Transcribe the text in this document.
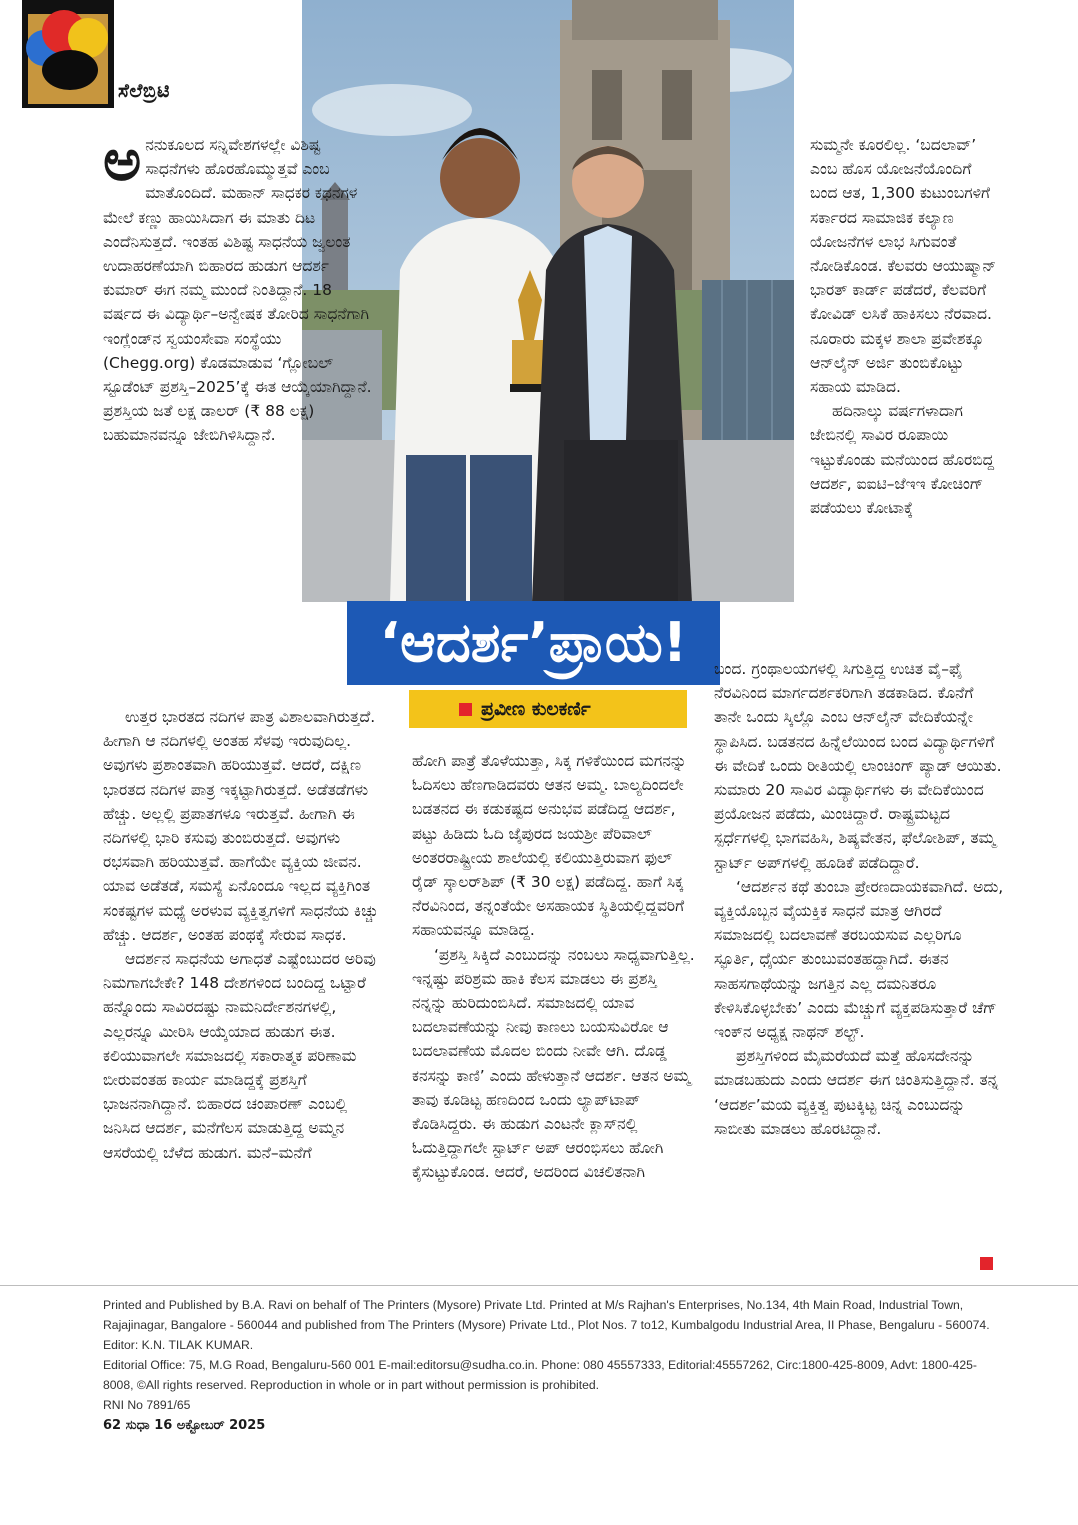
ಸೆಲೆಬ್ರಿಟಿ
‘ಆದರ್ಶ’ಪ್ರಾಯ!
ಪ್ರವೀಣ ಕುಲಕರ್ಣಿ

ಅನನುಕೂಲದ ಸನ್ನಿವೇಶಗಳಲ್ಲೇ ವಿಶಿಷ್ಟ ಸಾಧನೆಗಳು ಹೊರಹೊಮ್ಮುತ್ತವೆ ಎಂಬ ಮಾತೊಂದಿದೆ. ಮಹಾನ್ ಸಾಧಕರ ಕಥನಗಳ ಮೇಲೆ ಕಣ್ಣು ಹಾಯಿಸಿದಾಗ ಈ ಮಾತು ದಿಟ ಎಂದೆನಿಸುತ್ತದೆ. ಇಂತಹ ವಿಶಿಷ್ಟ ಸಾಧನೆಯ ಜ್ವಲಂತ ಉದಾಹರಣೆಯಾಗಿ ಬಿಹಾರದ ಹುಡುಗ ಆದರ್ಶ ಕುಮಾರ್ ಈಗ ನಮ್ಮ ಮುಂದೆ ನಿಂತಿದ್ದಾನೆ. 18 ವರ್ಷದ ಈ ವಿದ್ಯಾರ್ಥಿ–ಅನ್ವೇಷಕ ತೋರಿದ ಸಾಧನೆಗಾಗಿ ಇಂಗ್ಲೆಂಡ್‌ನ ಸ್ವಯಂಸೇವಾ ಸಂಸ್ಥೆಯು (Chegg.org) ಕೊಡಮಾಡುವ ‘ಗ್ಲೋಬಲ್ ಸ್ಟೂಡೆಂಟ್ ಪ್ರಶಸ್ತಿ–2025’ಕ್ಕೆ ಈತ ಆಯ್ಕೆಯಾಗಿದ್ದಾನೆ. ಪ್ರಶಸ್ತಿಯ ಜತೆ ಲಕ್ಷ ಡಾಲರ್ (₹ 88 ಲಕ್ಷ) ಬಹುಮಾನವನ್ನೂ ಜೇಬಿಗಿಳಿಸಿದ್ದಾನೆ.

ಉತ್ತರ ಭಾರತದ ನದಿಗಳ ಪಾತ್ರ ವಿಶಾಲವಾಗಿರುತ್ತದೆ. ಹೀಗಾಗಿ ಆ ನದಿಗಳಲ್ಲಿ ಅಂತಹ ಸೆಳವು ಇರುವುದಿಲ್ಲ. ಅವುಗಳು ಪ್ರಶಾಂತವಾಗಿ ಹರಿಯುತ್ತವೆ. ಆದರೆ, ದಕ್ಷಿಣ ಭಾರತದ ನದಿಗಳ ಪಾತ್ರ ಇಕ್ಕಟ್ಟಾಗಿರುತ್ತದೆ. ಅಡೆತಡೆಗಳು ಹೆಚ್ಚು. ಅಲ್ಲಲ್ಲಿ ಪ್ರಪಾತಗಳೂ ಇರುತ್ತವೆ. ಹೀಗಾಗಿ ಈ ನದಿಗಳಲ್ಲಿ ಭಾರಿ ಕಸುವು ತುಂಬಿರುತ್ತದೆ. ಅವುಗಳು ರಭಸವಾಗಿ ಹರಿಯುತ್ತವೆ. ಹಾಗೆಯೇ ವ್ಯಕ್ತಿಯ ಜೀವನ. ಯಾವ ಅಡೆತಡೆ, ಸಮಸ್ಯೆ ಏನೊಂದೂ ಇಲ್ಲದ ವ್ಯಕ್ತಿಗಿಂತ ಸಂಕಷ್ಟಗಳ ಮಧ್ಯೆ ಅರಳುವ ವ್ಯಕ್ತಿತ್ವಗಳಿಗೆ ಸಾಧನೆಯ ಕಿಚ್ಚು ಹೆಚ್ಚು. ಆದರ್ಶ, ಅಂತಹ ಪಂಥಕ್ಕೆ ಸೇರುವ ಸಾಧಕ.

ಆದರ್ಶನ ಸಾಧನೆಯ ಅಗಾಧತೆ ಎಷ್ಟೆಂಬುದರ ಅರಿವು ನಿಮಗಾಗಬೇಕೇ? 148 ದೇಶಗಳಿಂದ ಬಂದಿದ್ದ ಒಟ್ಟಾರೆ ಹನ್ನೊಂದು ಸಾವಿರದಷ್ಟು ನಾಮನಿರ್ದೇಶನಗಳಲ್ಲಿ, ಎಲ್ಲರನ್ನೂ ಮೀರಿಸಿ ಆಯ್ಕೆಯಾದ ಹುಡುಗ ಈತ. ಕಲಿಯುವಾಗಲೇ ಸಮಾಜದಲ್ಲಿ ಸಕಾರಾತ್ಮಕ ಪರಿಣಾಮ ಬೀರುವಂತಹ ಕಾರ್ಯ ಮಾಡಿದ್ದಕ್ಕೆ ಪ್ರಶಸ್ತಿಗೆ ಭಾಜನನಾಗಿದ್ದಾನೆ. ಬಿಹಾರದ ಚಂಪಾರಣ್ ಎಂಬಲ್ಲಿ ಜನಿಸಿದ ಆದರ್ಶ, ಮನೆಗೆಲಸ ಮಾಡುತ್ತಿದ್ದ ಅಮ್ಮನ ಆಸರೆಯಲ್ಲಿ ಬೆಳೆದ ಹುಡುಗ. ಮನೆ–ಮನೆಗೆ

ಹೋಗಿ ಪಾತ್ರೆ ತೊಳೆಯುತ್ತಾ, ಸಿಕ್ಕ ಗಳಿಕೆಯಿಂದ ಮಗನನ್ನು ಓದಿಸಲು ಹೆಣಗಾಡಿದವರು ಆತನ ಅಮ್ಮ. ಬಾಲ್ಯದಿಂದಲೇ ಬಡತನದ ಈ ಕಡುಕಷ್ಟದ ಅನುಭವ ಪಡೆದಿದ್ದ ಆದರ್ಶ, ಪಟ್ಟು ಹಿಡಿದು ಓದಿ ಜೈಪುರದ ಜಯಶ್ರೀ ಪೆರಿವಾಲ್ ಅಂತರರಾಷ್ಟ್ರೀಯ ಶಾಲೆಯಲ್ಲಿ ಕಲಿಯುತ್ತಿರುವಾಗ ಫುಲ್ ರೈಡ್ ಸ್ಕಾಲರ್‌ಶಿಪ್ (₹ 30 ಲಕ್ಷ) ಪಡೆದಿದ್ದ. ಹಾಗೆ ಸಿಕ್ಕ ನೆರವಿನಿಂದ, ತನ್ನಂತೆಯೇ ಅಸಹಾಯಕ ಸ್ಥಿತಿಯಲ್ಲಿದ್ದವರಿಗೆ ಸಹಾಯವನ್ನೂ ಮಾಡಿದ್ದ.

‘ಪ್ರಶಸ್ತಿ ಸಿಕ್ಕಿದೆ ಎಂಬುದನ್ನು ನಂಬಲು ಸಾಧ್ಯವಾಗುತ್ತಿಲ್ಲ. ಇನ್ನಷ್ಟು ಪರಿಶ್ರಮ ಹಾಕಿ ಕೆಲಸ ಮಾಡಲು ಈ ಪ್ರಶಸ್ತಿ ನನ್ನನ್ನು ಹುರಿದುಂಬಿಸಿದೆ. ಸಮಾಜದಲ್ಲಿ ಯಾವ ಬದಲಾವಣೆಯನ್ನು ನೀವು ಕಾಣಲು ಬಯಸುವಿರೋ ಆ ಬದಲಾವಣೆಯ ಮೊದಲ ಬಿಂದು ನೀವೇ ಆಗಿ. ದೊಡ್ಡ ಕನಸನ್ನು ಕಾಣಿ’ ಎಂದು ಹೇಳುತ್ತಾನೆ ಆದರ್ಶ. ಆತನ ಅಮ್ಮ ತಾವು ಕೂಡಿಟ್ಟ ಹಣದಿಂದ ಒಂದು ಲ್ಯಾಪ್‌ಟಾಪ್ ಕೊಡಿಸಿದ್ದರು. ಈ ಹುಡುಗ ಎಂಟನೇ ಕ್ಲಾಸ್‌ನಲ್ಲಿ ಓದುತ್ತಿದ್ದಾಗಲೇ ಸ್ಟಾರ್ಟ್ ಅಪ್ ಆರಂಭಿಸಲು ಹೋಗಿ ಕೈಸುಟ್ಟುಕೊಂಡ. ಆದರೆ, ಅದರಿಂದ ವಿಚಲಿತನಾಗಿ

ಸುಮ್ಮನೇ ಕೂರಲಿಲ್ಲ. ‘ಬದಲಾವ್’ ಎಂಬ ಹೊಸ ಯೋಜನೆಯೊಂದಿಗೆ ಬಂದ ಆತ, 1,300 ಕುಟುಂಬಗಳಿಗೆ ಸರ್ಕಾರದ ಸಾಮಾಜಿಕ ಕಲ್ಯಾಣ ಯೋಜನೆಗಳ ಲಾಭ ಸಿಗುವಂತೆ ನೋಡಿಕೊಂಡ. ಕೆಲವರು ಆಯುಷ್ಮಾನ್ ಭಾರತ್ ಕಾರ್ಡ್ ಪಡೆದರೆ, ಕೆಲವರಿಗೆ ಕೋವಿಡ್ ಲಸಿಕೆ ಹಾಕಿಸಲು ನೆರವಾದ. ನೂರಾರು ಮಕ್ಕಳ ಶಾಲಾ ಪ್ರವೇಶಕ್ಕೂ ಆನ್‌ಲೈನ್ ಅರ್ಜಿ ತುಂಬಿಕೊಟ್ಟು ಸಹಾಯ ಮಾಡಿದ.

ಹದಿನಾಲ್ಕು ವರ್ಷಗಳಾದಾಗ ಜೇಬಿನಲ್ಲಿ ಸಾವಿರ ರೂಪಾಯಿ ಇಟ್ಟುಕೊಂಡು ಮನೆಯಿಂದ ಹೊರಬಿದ್ದ ಆದರ್ಶ, ಐಐಟಿ–ಜೆಇಇ ಕೋಚಿಂಗ್ ಪಡೆಯಲು ಕೋಟಾಕ್ಕೆ

ಬಂದ. ಗ್ರಂಥಾಲಯಗಳಲ್ಲಿ ಸಿಗುತ್ತಿದ್ದ ಉಚಿತ ವೈ–ಫೈ ನೆರವಿನಿಂದ ಮಾರ್ಗದರ್ಶಕರಿಗಾಗಿ ತಡಕಾಡಿದ. ಕೊನೆಗೆ ತಾನೇ ಒಂದು ಸ್ಕಿಲ್ಲೊ ಎಂಬ ಆನ್‌ಲೈನ್ ವೇದಿಕೆಯನ್ನೇ ಸ್ಥಾಪಿಸಿದ. ಬಡತನದ ಹಿನ್ನೆಲೆಯಿಂದ ಬಂದ ವಿದ್ಯಾರ್ಥಿಗಳಿಗೆ ಈ ವೇದಿಕೆ ಒಂದು ರೀತಿಯಲ್ಲಿ ಲಾಂಚಿಂಗ್ ಪ್ಯಾಡ್ ಆಯಿತು. ಸುಮಾರು 20 ಸಾವಿರ ವಿದ್ಯಾರ್ಥಿಗಳು ಈ ವೇದಿಕೆಯಿಂದ ಪ್ರಯೋಜನ ಪಡೆದು, ಮಿಂಚಿದ್ದಾರೆ. ರಾಷ್ಟ್ರಮಟ್ಟದ ಸ್ಪರ್ಧೆಗಳಲ್ಲಿ ಭಾಗವಹಿಸಿ, ಶಿಷ್ಯವೇತನ, ಫೆಲೋಶಿಪ್, ತಮ್ಮ ಸ್ಟಾರ್ಟ್ ಅಪ್‌ಗಳಲ್ಲಿ ಹೂಡಿಕೆ ಪಡೆದಿದ್ದಾರೆ.

‘ಆದರ್ಶನ ಕಥೆ ತುಂಬಾ ಪ್ರೇರಣದಾಯಕವಾಗಿದೆ. ಅದು, ವ್ಯಕ್ತಿಯೊಬ್ಬನ ವೈಯಕ್ತಿಕ ಸಾಧನೆ ಮಾತ್ರ ಆಗಿರದೆ ಸಮಾಜದಲ್ಲಿ ಬದಲಾವಣೆ ತರಬಯಸುವ ಎಲ್ಲರಿಗೂ ಸ್ಫೂರ್ತಿ, ಧೈರ್ಯ ತುಂಬುವಂತಹದ್ದಾಗಿದೆ. ಈತನ ಸಾಹಸಗಾಥೆಯನ್ನು ಜಗತ್ತಿನ ಎಲ್ಲ ದಮನಿತರೂ ಕೇಳಿಸಿಕೊಳ್ಳಬೇಕು’ ಎಂದು ಮೆಚ್ಚುಗೆ ವ್ಯಕ್ತಪಡಿಸುತ್ತಾರೆ ಚೆಗ್ ಇಂಕ್‌ನ ಅಧ್ಯಕ್ಷ ನಾಥನ್ ಶಲ್ಟ್.

ಪ್ರಶಸ್ತಿಗಳಿಂದ ಮೈಮರೆಯದೆ ಮತ್ತೆ ಹೊಸದೇನನ್ನು ಮಾಡಬಹುದು ಎಂದು ಆದರ್ಶ ಈಗ ಚಿಂತಿಸುತ್ತಿದ್ದಾನೆ. ತನ್ನ ‘ಆದರ್ಶ’ಮಯ ವ್ಯಕ್ತಿತ್ವ ಪುಟಕ್ಕಿಟ್ಟ ಚಿನ್ನ ಎಂಬುದನ್ನು ಸಾಬೀತು ಮಾಡಲು ಹೊರಟಿದ್ದಾನೆ.

Printed and Published by B.A. Ravi on behalf of The Printers (Mysore) Private Ltd. Printed at M/s Rajhan's Enterprises, No.134, 4th Main Road, Industrial Town, Rajajinagar, Bangalore - 560044 and published from The Printers (Mysore) Private Ltd., Plot Nos. 7 to12, Kumbalgodu Industrial Area, II Phase, Bengaluru - 560074. Editor: K.N. TILAK KUMAR.

Editorial Office: 75, M.G Road, Bengaluru-560 001 E-mail:editorsu@sudha.co.in. Phone: 080 45557333, Editorial:45557262, Circ:1800-425-8009, Advt: 1800-425-8008, ©All rights reserved. Reproduction in whole or in part without permission is prohibited.

RNI No 7891/65

62 ಸುಧಾ 16 ಅಕ್ಟೋಬರ್ 2025
